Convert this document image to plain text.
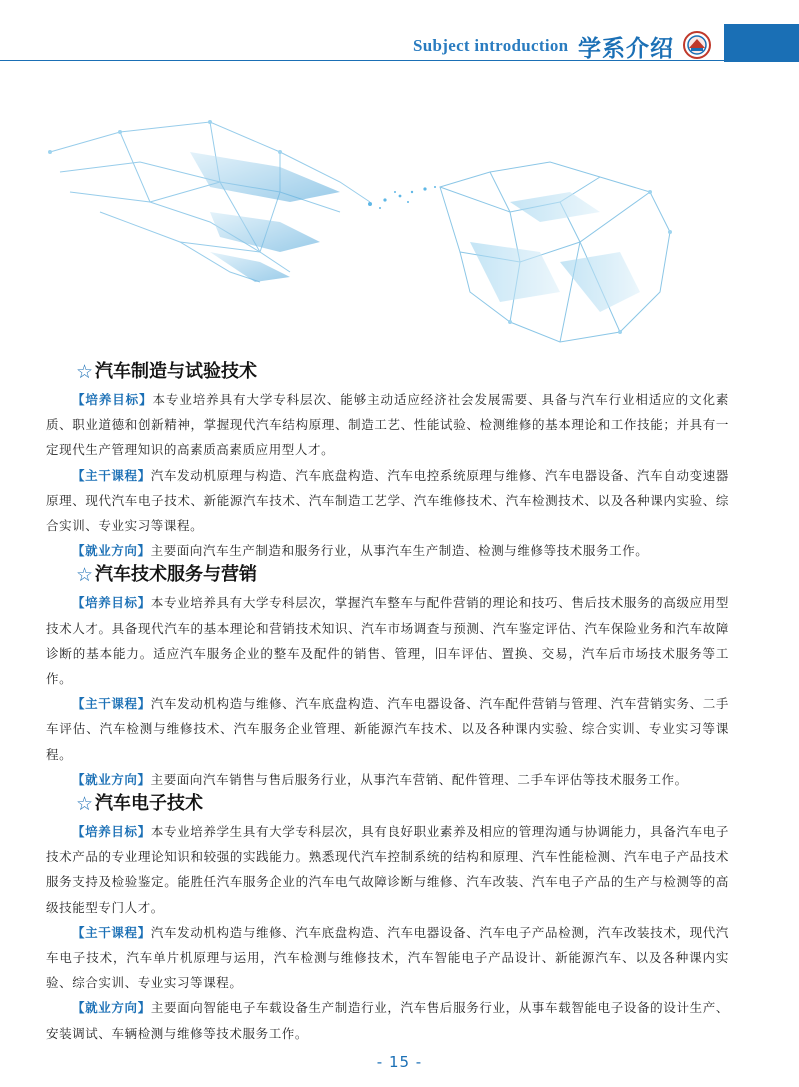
Subject introduction 学系介绍
☆ 汽车制造与试验技术

【培养目标】本专业培养具有大学专科层次、能够主动适应经济社会发展需要、具备与汽车行业相适应的文化素质、职业道德和创新精神，掌握现代汽车结构原理、制造工艺、性能试验、检测维修的基本理论和工作技能；并具有一定现代生产管理知识的高素质高素质应用型人才。

【主干课程】汽车发动机原理与构造、汽车底盘构造、汽车电控系统原理与维修、汽车电器设备、汽车自动变速器原理、现代汽车电子技术、新能源汽车技术、汽车制造工艺学、汽车维修技术、汽车检测技术、以及各种课内实验、综合实训、专业实习等课程。

【就业方向】主要面向汽车生产制造和服务行业，从事汽车生产制造、检测与维修等技术服务工作。

☆ 汽车技术服务与营销

【培养目标】本专业培养具有大学专科层次，掌握汽车整车与配件营销的理论和技巧、售后技术服务的高级应用型技术人才。具备现代汽车的基本理论和营销技术知识、汽车市场调查与预测、汽车鉴定评估、汽车保险业务和汽车故障诊断的基本能力。适应汽车服务企业的整车及配件的销售、管理，旧车评估、置换、交易，汽车后市场技术服务等工作。

【主干课程】汽车发动机构造与维修、汽车底盘构造、汽车电器设备、汽车配件营销与管理、汽车营销实务、二手车评估、汽车检测与维修技术、汽车服务企业管理、新能源汽车技术、以及各种课内实验、综合实训、专业实习等课程。

【就业方向】主要面向汽车销售与售后服务行业，从事汽车营销、配件管理、二手车评估等技术服务工作。

☆ 汽车电子技术

【培养目标】本专业培养学生具有大学专科层次，具有良好职业素养及相应的管理沟通与协调能力，具备汽车电子技术产品的专业理论知识和较强的实践能力。熟悉现代汽车控制系统的结构和原理、汽车性能检测、汽车电子产品技术服务支持及检验鉴定。能胜任汽车服务企业的汽车电气故障诊断与维修、汽车改装、汽车电子产品的生产与检测等的高级技能型专门人才。

【主干课程】汽车发动机构造与维修、汽车底盘构造、汽车电器设备、汽车电子产品检测，汽车改装技术，现代汽车电子技术，汽车单片机原理与运用，汽车检测与维修技术，汽车智能电子产品设计、新能源汽车、以及各种课内实验、综合实训、专业实习等课程。

【就业方向】主要面向智能电子车载设备生产制造行业，汽车售后服务行业，从事车载智能电子设备的设计生产、安装调试、车辆检测与维修等技术服务工作。

- 15 -
